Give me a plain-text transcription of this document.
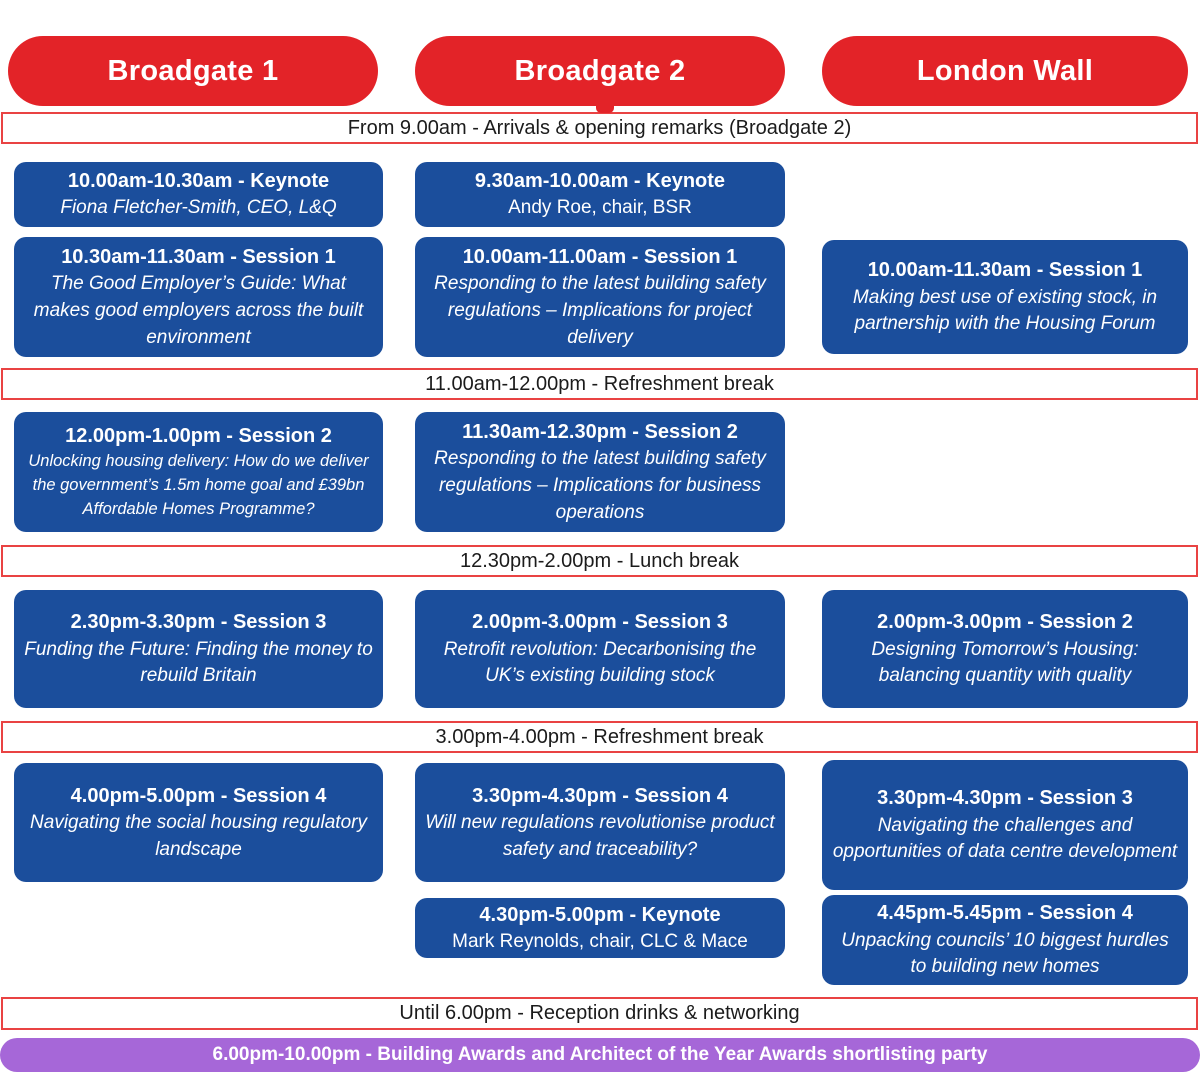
Broadgate 1	Broadgate 2	London Wall
From 9.00am - Arrivals & opening remarks (Broadgate 2)
10.00am-10.30am - Keynote
Fiona Fletcher-Smith, CEO, L&Q
9.30am-10.00am - Keynote
Andy Roe, chair, BSR
10.30am-11.30am - Session 1
The Good Employer’s Guide: What makes good employers across the built environment
10.00am-11.00am - Session 1
Responding to the latest building safety regulations – Implications for project delivery
10.00am-11.30am - Session 1
Making best use of existing stock, in partnership with the Housing Forum
11.00am-12.00pm - Refreshment break
12.00pm-1.00pm - Session 2
Unlocking housing delivery: How do we deliver the government’s 1.5m home goal and £39bn Affordable Homes Programme?
11.30am-12.30pm - Session 2
Responding to the latest building safety regulations – Implications for business operations
12.30pm-2.00pm - Lunch break
2.30pm-3.30pm - Session 3
Funding the Future: Finding the money to rebuild Britain
2.00pm-3.00pm - Session 3
Retrofit revolution: Decarbonising the UK’s existing building stock
2.00pm-3.00pm - Session 2
Designing Tomorrow’s Housing: balancing quantity with quality
3.00pm-4.00pm - Refreshment break
4.00pm-5.00pm - Session 4
Navigating the social housing regulatory landscape
3.30pm-4.30pm - Session 4
Will new regulations revolutionise product safety and traceability?
3.30pm-4.30pm - Session 3
Navigating the challenges and opportunities of data centre development
4.30pm-5.00pm - Keynote
Mark Reynolds, chair, CLC & Mace
4.45pm-5.45pm - Session 4
Unpacking councils’ 10 biggest hurdles to building new homes
Until 6.00pm - Reception drinks & networking
6.00pm-10.00pm - Building Awards and Architect of the Year Awards shortlisting party
